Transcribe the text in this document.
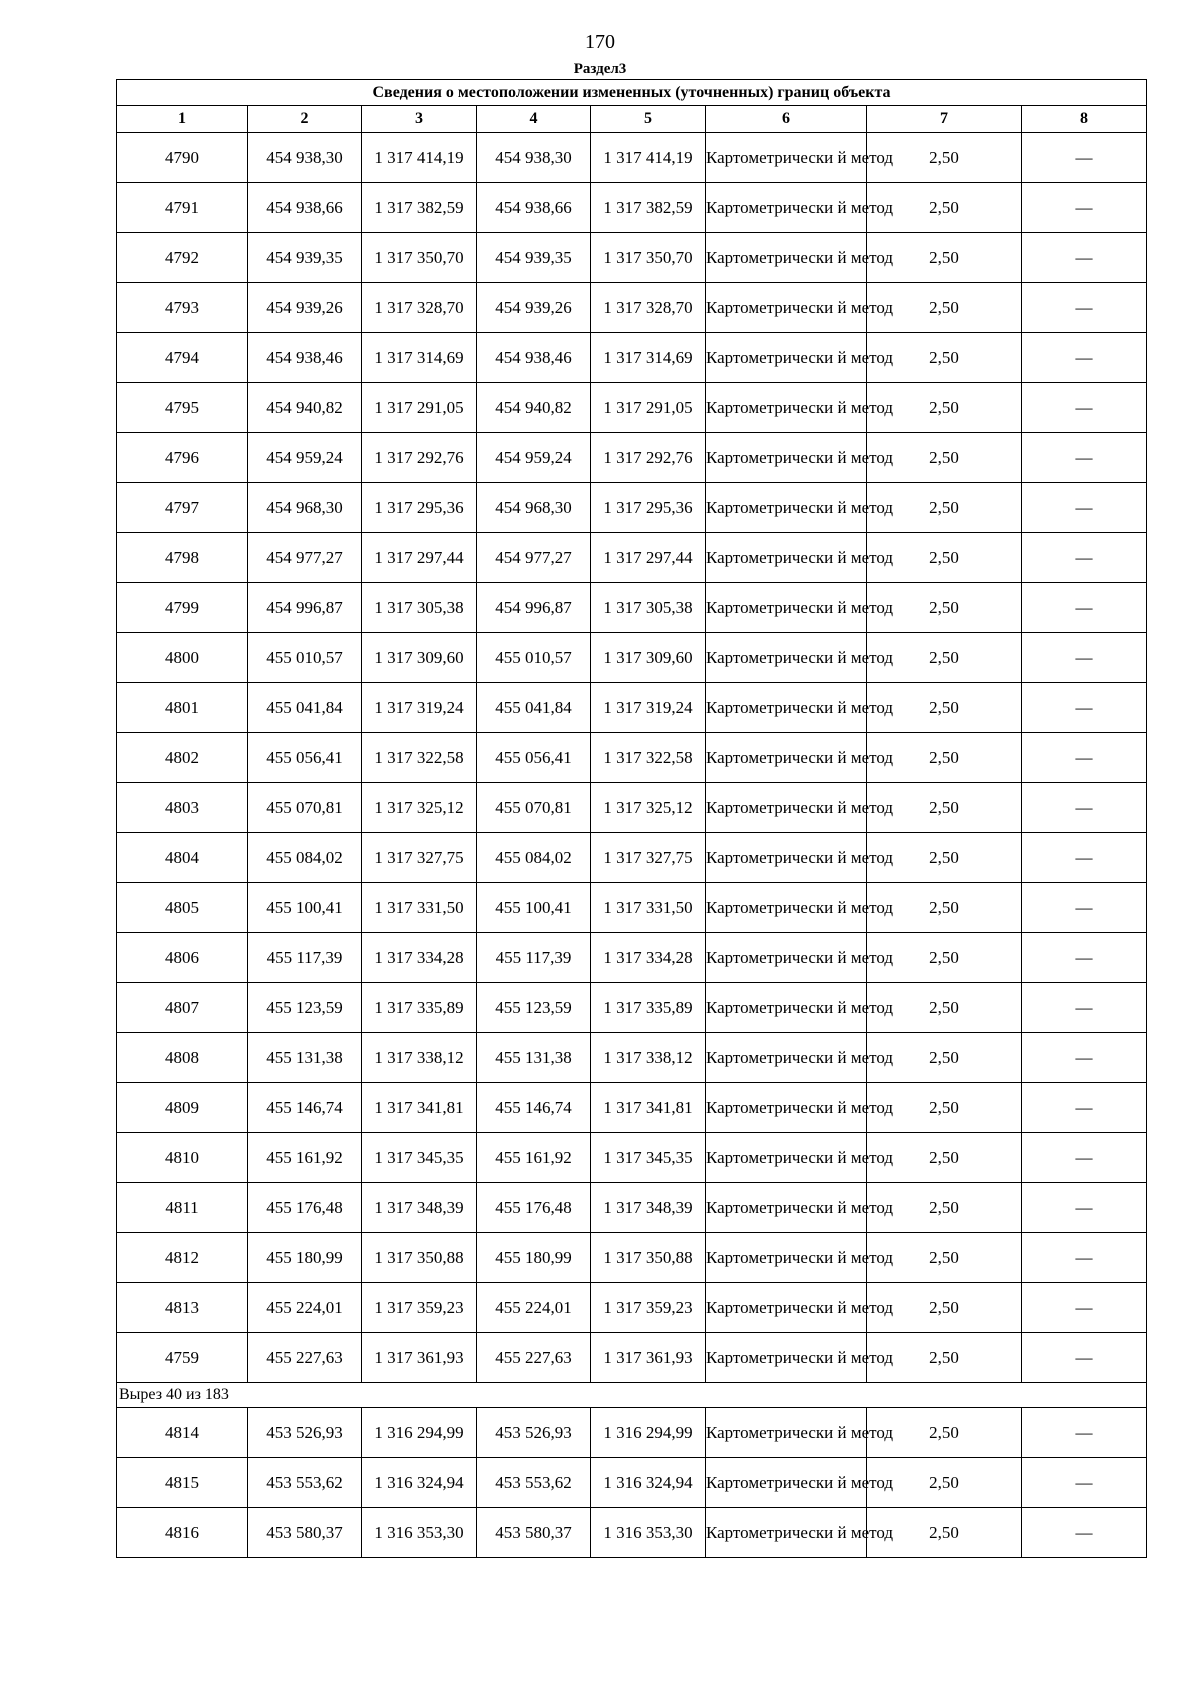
170
Раздел3
Сведения о местоположении измененных (уточненных) границ объекта							
1	2	3	4	5	6	7	8
4790	454 938,30	1 317 414,19	454 938,30	1 317 414,19	Картометрически й метод	2,50	—
4791	454 938,66	1 317 382,59	454 938,66	1 317 382,59	Картометрически й метод	2,50	—
4792	454 939,35	1 317 350,70	454 939,35	1 317 350,70	Картометрически й метод	2,50	—
4793	454 939,26	1 317 328,70	454 939,26	1 317 328,70	Картометрически й метод	2,50	—
4794	454 938,46	1 317 314,69	454 938,46	1 317 314,69	Картометрически й метод	2,50	—
4795	454 940,82	1 317 291,05	454 940,82	1 317 291,05	Картометрически й метод	2,50	—
4796	454 959,24	1 317 292,76	454 959,24	1 317 292,76	Картометрически й метод	2,50	—
4797	454 968,30	1 317 295,36	454 968,30	1 317 295,36	Картометрически й метод	2,50	—
4798	454 977,27	1 317 297,44	454 977,27	1 317 297,44	Картометрически й метод	2,50	—
4799	454 996,87	1 317 305,38	454 996,87	1 317 305,38	Картометрически й метод	2,50	—
4800	455 010,57	1 317 309,60	455 010,57	1 317 309,60	Картометрически й метод	2,50	—
4801	455 041,84	1 317 319,24	455 041,84	1 317 319,24	Картометрически й метод	2,50	—
4802	455 056,41	1 317 322,58	455 056,41	1 317 322,58	Картометрически й метод	2,50	—
4803	455 070,81	1 317 325,12	455 070,81	1 317 325,12	Картометрически й метод	2,50	—
4804	455 084,02	1 317 327,75	455 084,02	1 317 327,75	Картометрически й метод	2,50	—
4805	455 100,41	1 317 331,50	455 100,41	1 317 331,50	Картометрически й метод	2,50	—
4806	455 117,39	1 317 334,28	455 117,39	1 317 334,28	Картометрически й метод	2,50	—
4807	455 123,59	1 317 335,89	455 123,59	1 317 335,89	Картометрически й метод	2,50	—
4808	455 131,38	1 317 338,12	455 131,38	1 317 338,12	Картометрически й метод	2,50	—
4809	455 146,74	1 317 341,81	455 146,74	1 317 341,81	Картометрически й метод	2,50	—
4810	455 161,92	1 317 345,35	455 161,92	1 317 345,35	Картометрически й метод	2,50	—
4811	455 176,48	1 317 348,39	455 176,48	1 317 348,39	Картометрически й метод	2,50	—
4812	455 180,99	1 317 350,88	455 180,99	1 317 350,88	Картометрически й метод	2,50	—
4813	455 224,01	1 317 359,23	455 224,01	1 317 359,23	Картометрически й метод	2,50	—
4759	455 227,63	1 317 361,93	455 227,63	1 317 361,93	Картометрически й метод	2,50	—
Вырез 40 из 183							
4814	453 526,93	1 316 294,99	453 526,93	1 316 294,99	Картометрически й метод	2,50	—
4815	453 553,62	1 316 324,94	453 553,62	1 316 324,94	Картометрически й метод	2,50	—
4816	453 580,37	1 316 353,30	453 580,37	1 316 353,30	Картометрически й метод	2,50	—
